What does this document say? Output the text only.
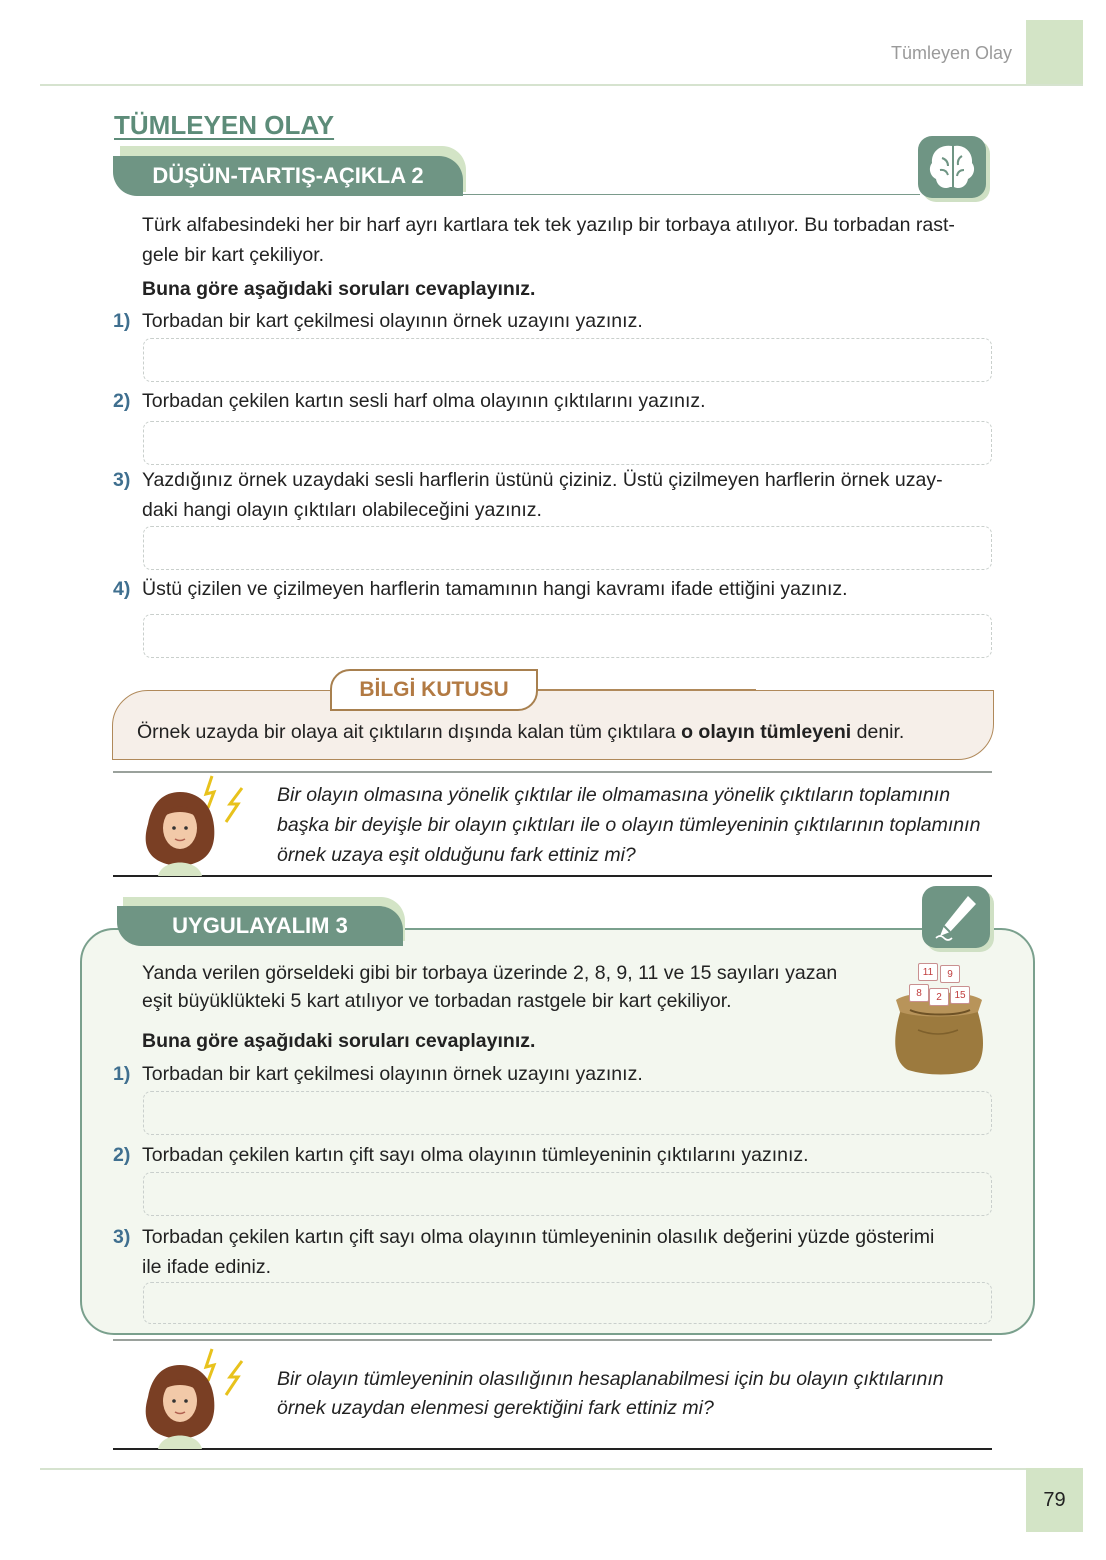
Tümleyen Olay
TÜMLEYEN OLAY
DÜŞÜN-TARTIŞ-AÇIKLA 2
Türk alfabesindeki her bir harf ayrı kartlara tek tek yazılıp bir torbaya atılıyor. Bu torbadan rast-
gele bir kart çekiliyor.
Buna göre aşağıdaki soruları cevaplayınız.
1) Torbadan bir kart çekilmesi olayının örnek uzayını yazınız.
2) Torbadan çekilen kartın sesli harf olma olayının çıktılarını yazınız.
3) Yazdığınız örnek uzaydaki sesli harflerin üstünü çiziniz. Üstü çizilmeyen harflerin örnek uzay-
daki hangi olayın çıktıları olabileceğini yazınız.
4) Üstü çizilen ve çizilmeyen harflerin tamamının hangi kavramı ifade ettiğini yazınız.
BİLGİ KUTUSU
Örnek uzayda bir olaya ait çıktıların dışında kalan tüm çıktılara o olayın tümleyeni denir.
Bir olayın olmasına yönelik çıktılar ile olmamasına yönelik çıktıların toplamının
başka bir deyişle bir olayın çıktıları ile o olayın tümleyeninin çıktılarının toplamının
örnek uzaya eşit olduğunu fark ettiniz mi?
UYGULAYALIM 3
Yanda verilen görseldeki gibi bir torbaya üzerinde 2, 8, 9, 11 ve 15 sayıları yazan
eşit büyüklükteki 5 kart atılıyor ve torbadan rastgele bir kart çekiliyor.
Buna göre aşağıdaki soruları cevaplayınız.
11	9
8	2	15
1) Torbadan bir kart çekilmesi olayının örnek uzayını yazınız.
2) Torbadan çekilen kartın çift sayı olma olayının tümleyeninin çıktılarını yazınız.
3) Torbadan çekilen kartın çift sayı olma olayının tümleyeninin olasılık değerini yüzde gösterimi
ile ifade ediniz.
Bir olayın tümleyeninin olasılığının hesaplanabilmesi için bu olayın çıktılarının
örnek uzaydan elenmesi gerektiğini fark ettiniz mi?
79
